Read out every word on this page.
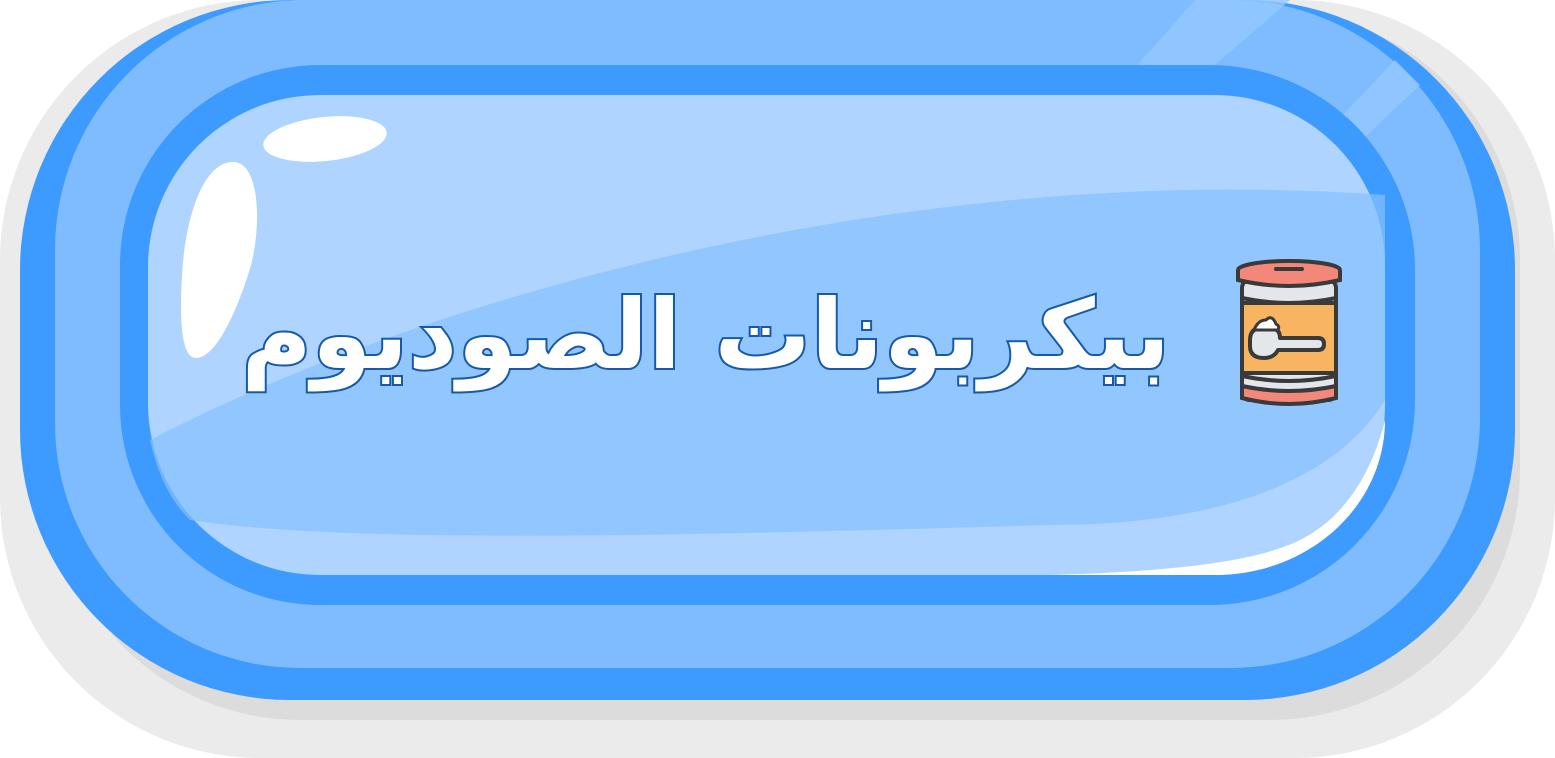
بيكربونات الصوديوم
